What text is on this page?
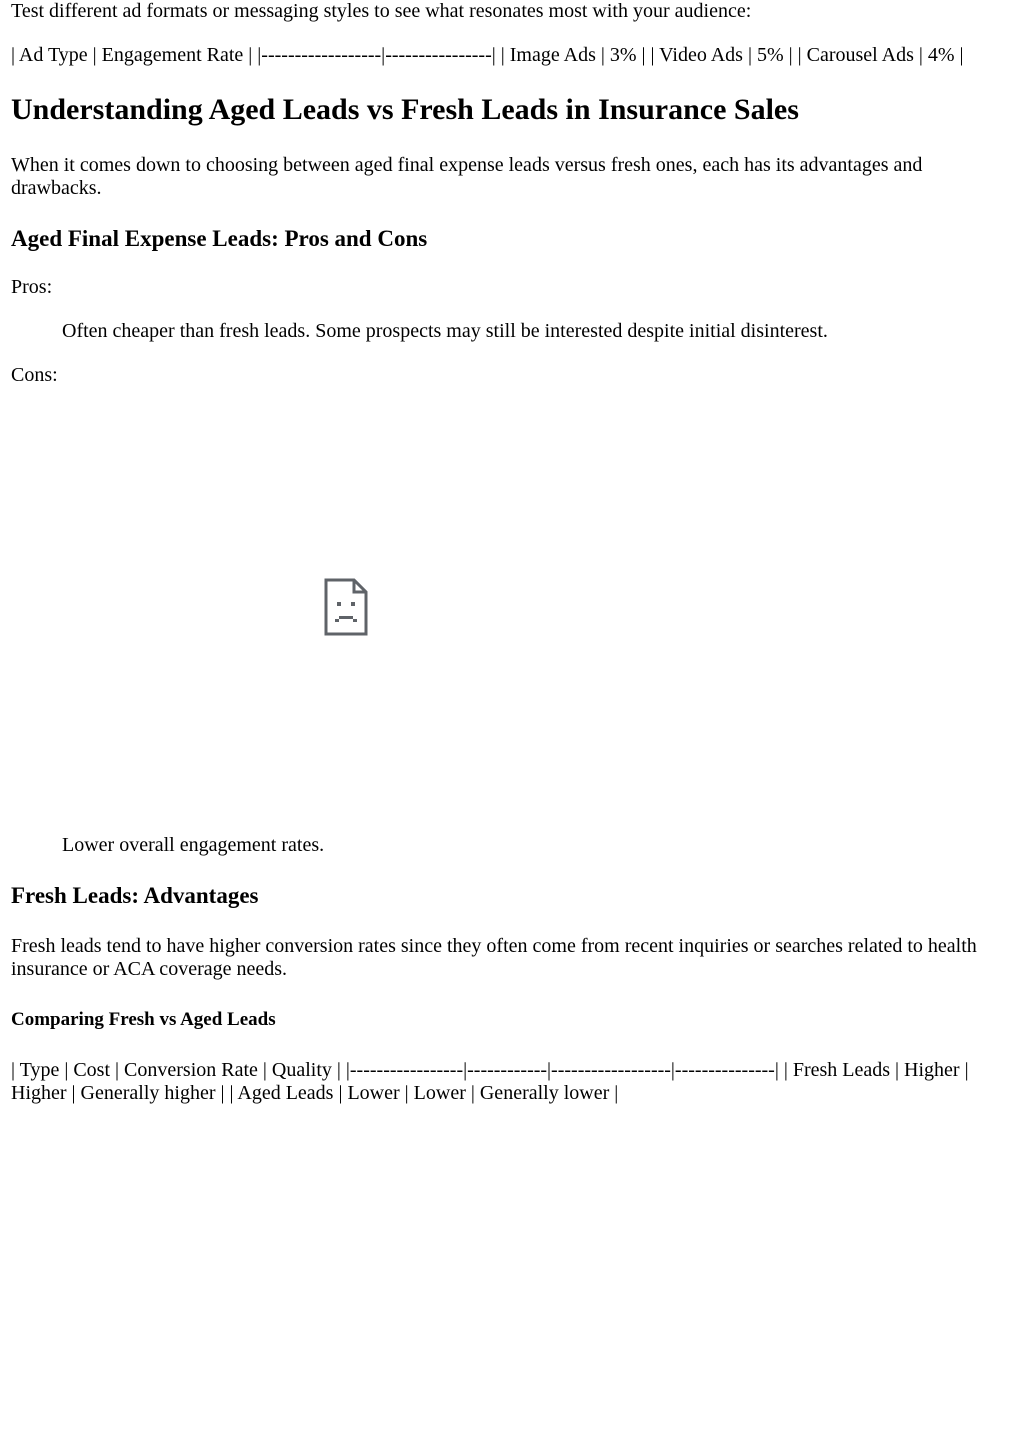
Test different ad formats or messaging styles to see what resonates most with your audience:

| Ad Type | Engagement Rate | |------------------|----------------| | Image Ads | 3% | | Video Ads | 5% | | Carousel Ads | 4% |

Understanding Aged Leads vs Fresh Leads in Insurance Sales

When it comes down to choosing between aged final expense leads versus fresh ones, each has its advantages and drawbacks.

Aged Final Expense Leads: Pros and Cons

Pros:

Often cheaper than fresh leads. Some prospects may still be interested despite initial disinterest.

Cons:

Lower overall engagement rates.

Fresh Leads: Advantages

Fresh leads tend to have higher conversion rates since they often come from recent inquiries or searches related to health insurance or ACA coverage needs.

Comparing Fresh vs Aged Leads

| Type | Cost | Conversion Rate | Quality | |-----------------|------------|------------------|---------------| | Fresh Leads | Higher | Higher | Generally higher | | Aged Leads | Lower | Lower | Generally lower |
